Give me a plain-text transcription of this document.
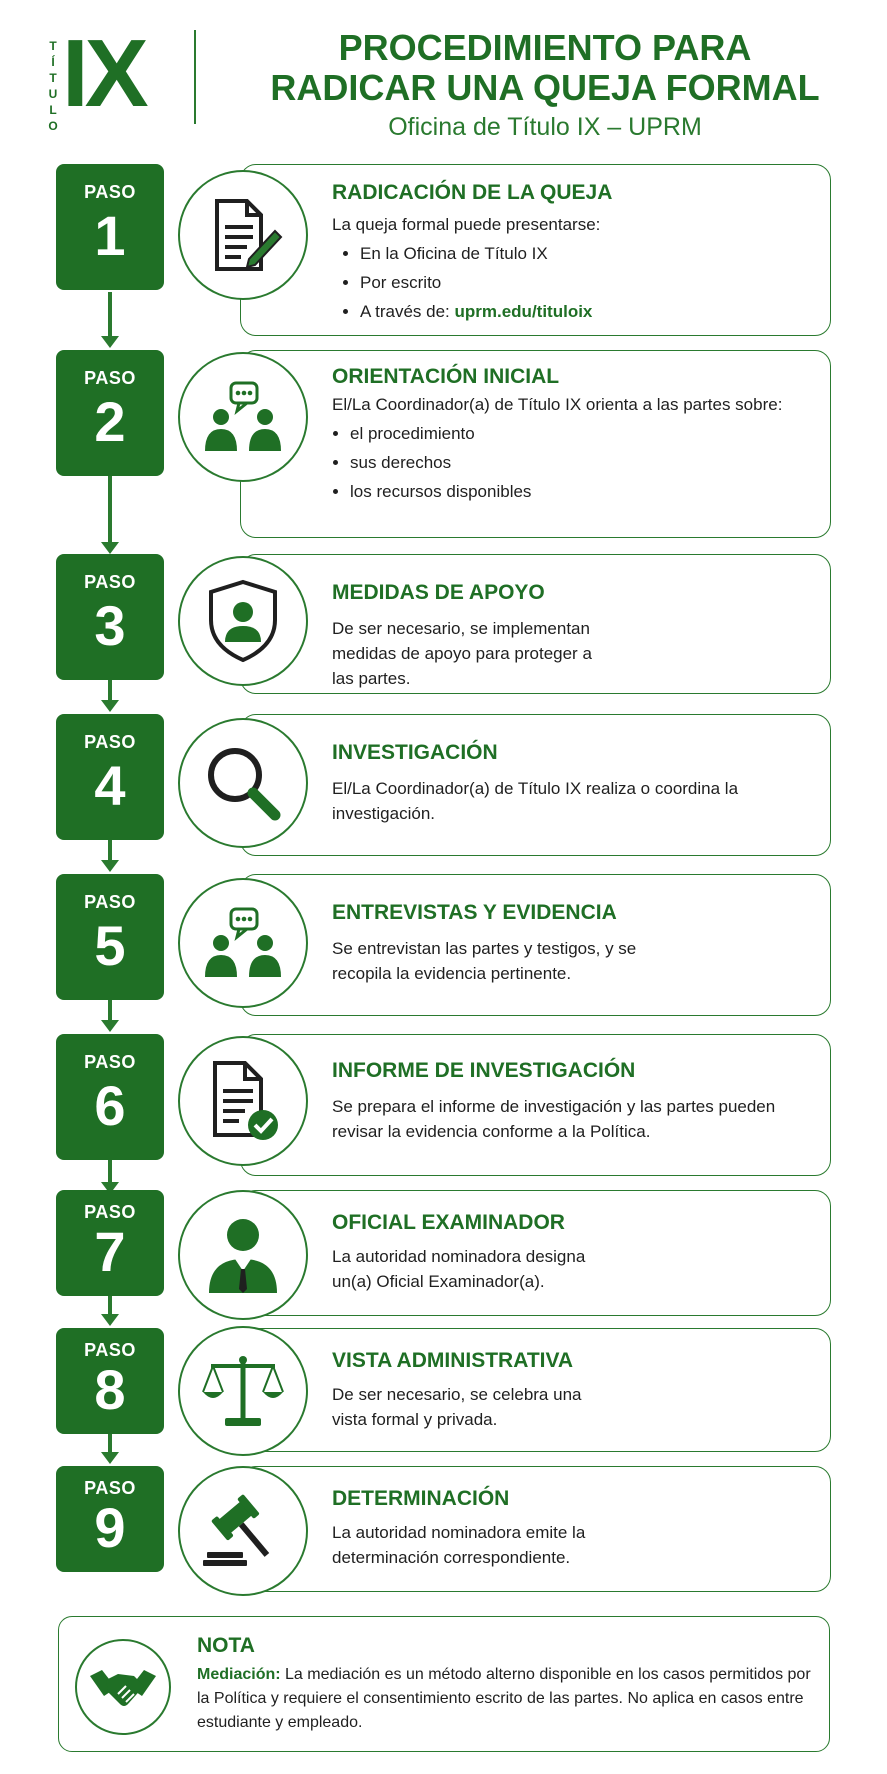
TÍTULO IX	PROCEDIMIENTO PARA
RADICAR UNA QUEJA FORMAL
Oficina de Título IX – UPRM
PASO
1
RADICACIÓN DE LA QUEJA

La queja formal puede presentarse:

• En la Oficina de Título IX
• Por escrito
• A través de: uprm.edu/tituloix
PASO
2
ORIENTACIÓN INICIAL

El/La Coordinador(a) de Título IX orienta a las partes sobre:

• el procedimiento
• sus derechos
• los recursos disponibles
PASO
3
MEDIDAS DE APOYO

De ser necesario, se implementan medidas de apoyo para proteger a las partes.

PASO
4
INVESTIGACIÓN

El/La Coordinador(a) de Título IX realiza o coordina la investigación.

PASO
5
ENTREVISTAS Y EVIDENCIA

Se entrevistan las partes y testigos, y se recopila la evidencia pertinente.

PASO
6
INFORME DE INVESTIGACIÓN

Se prepara el informe de investigación y las partes pueden revisar la evidencia conforme a la Política.

PASO
7	OFICIAL EXAMINADOR

La autoridad nominadora designa un(a) Oficial Examinador(a).

PASO
8	VISTA ADMINISTRATIVA

De ser necesario, se celebra una vista formal y privada.

PASO
9	DETERMINACIÓN

La autoridad nominadora emite la determinación correspondiente.

NOTA

Mediación: La mediación es un método alterno disponible en los casos permitidos por la Política y requiere el consentimiento escrito de las partes. No aplica en casos entre estudiante y empleado.
